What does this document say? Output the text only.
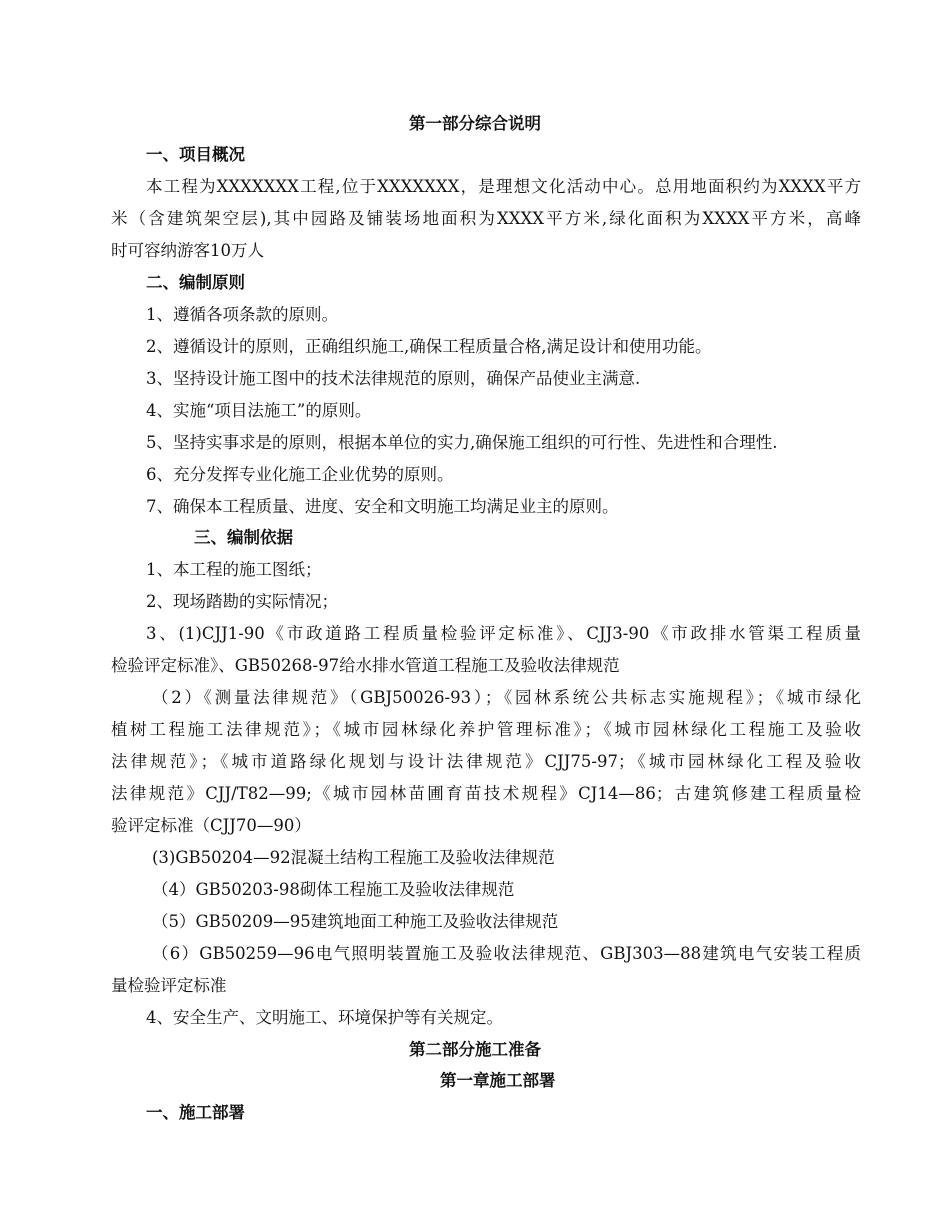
第一部分综合说明
一、项目概况
本工程为XXXXXXX工程,位于XXXXXXX，是理想文化活动中心。总用地面积约为XXXX平方
米（含建筑架空层),其中园路及铺装场地面积为XXXX平方米,绿化面积为XXXX平方米，高峰
时可容纳游客10万人
二、编制原则
1、遵循各项条款的原则。
2、遵循设计的原则，正确组织施工,确保工程质量合格,满足设计和使用功能。
3、坚持设计施工图中的技术法律规范的原则，确保产品使业主满意.
4、实施“项目法施工”的原则。
5、坚持实事求是的原则，根据本单位的实力,确保施工组织的可行性、先进性和合理性.
6、充分发挥专业化施工企业优势的原则。
7、确保本工程质量、进度、安全和文明施工均满足业主的原则。
三、编制依据
1、本工程的施工图纸；
2、现场踏勘的实际情况；
3、(1)CJJ1-90《市政道路工程质量检验评定标准》、CJJ3-90《市政排水管渠工程质量
检验评定标准》、GB50268-97给水排水管道工程施工及验收法律规范
（2）《测量法律规范》（GBJ50026-93）；《园林系统公共标志实施规程》；《城市绿化
植树工程施工法律规范》；《城市园林绿化养护管理标准》；《城市园林绿化工程施工及验收
法律规范》；《城市道路绿化规划与设计法律规范》CJJ75-97；《城市园林绿化工程及验收
法律规范》CJJ/T82—99;《城市园林苗圃育苗技术规程》CJ14—86；古建筑修建工程质量检
验评定标准（CJJ70—90）
(3)GB50204—92混凝土结构工程施工及验收法律规范
（4）GB50203-98砌体工程施工及验收法律规范
（5）GB50209—95建筑地面工种施工及验收法律规范
（6）GB50259—96电气照明装置施工及验收法律规范、GBJ303—88建筑电气安装工程质
量检验评定标准
4、安全生产、文明施工、环境保护等有关规定。
第二部分施工准备
第一章施工部署
一、施工部署
